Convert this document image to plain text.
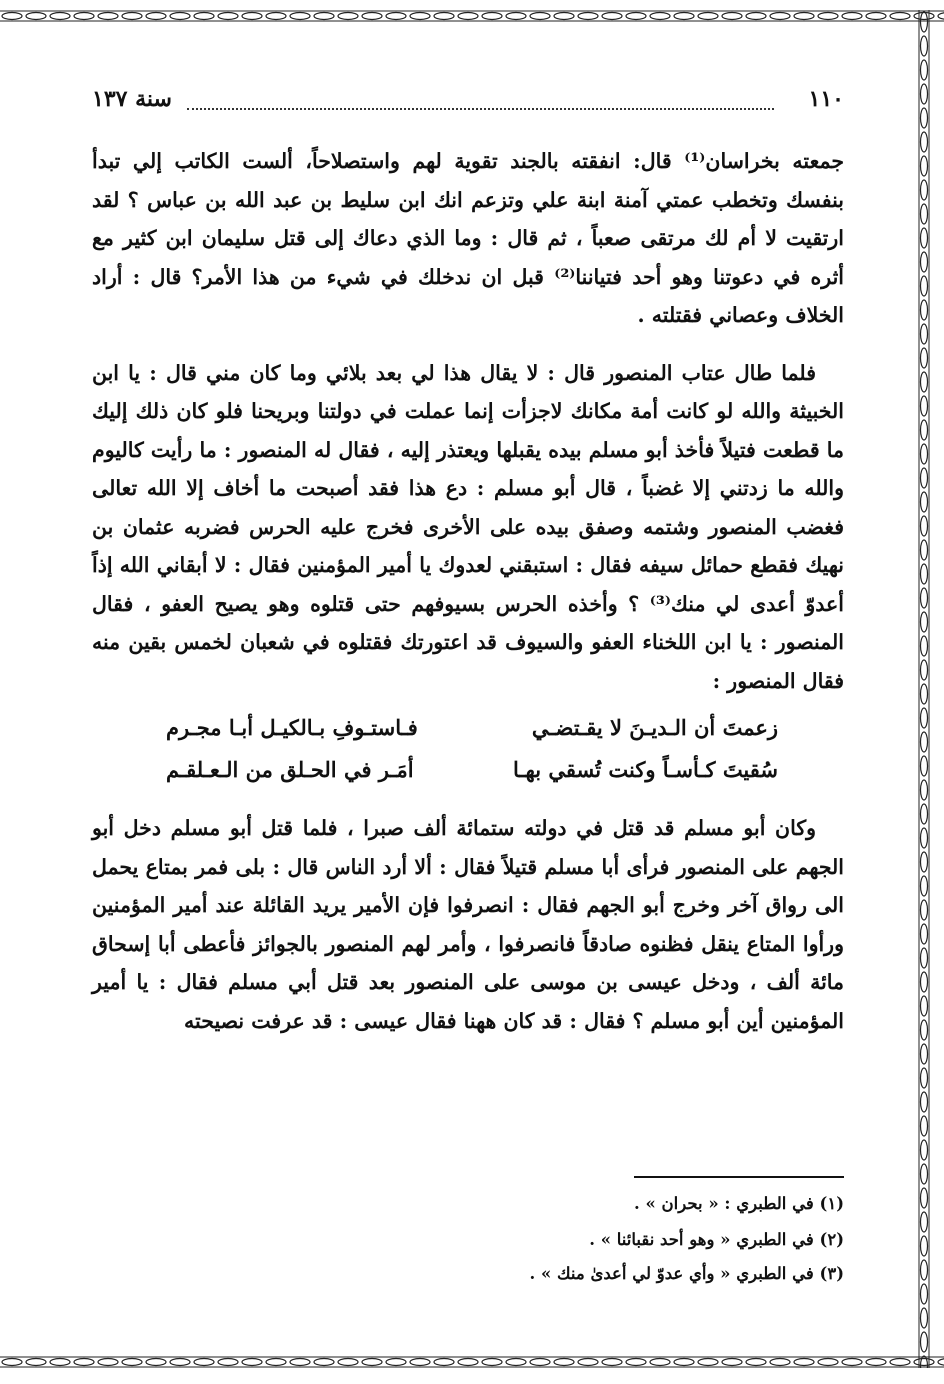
١١٠
سنة ١٣٧

جمعته بخراسان⁽¹⁾ قال: انفقته بالجند تقوية لهم واستصلاحاً، ألست الكاتب إلي تبدأ بنفسك وتخطب عمتي آمنة ابنة علي وتزعم انك ابن سليط بن عبد الله بن عباس ؟ لقد ارتقيت لا أم لك مرتقى صعباً ، ثم قال : وما الذي دعاك إلى قتل سليمان ابن كثير مع أثره في دعوتنا وهو أحد فتياننا⁽²⁾ قبل ان ندخلك في شيء من هذا الأمر؟ قال : أراد الخلاف وعصاني فقتلته .

فلما طال عتاب المنصور قال : لا يقال هذا لي بعد بلائي وما كان مني قال : يا ابن الخبيثة والله لو كانت أمة مكانك لاجزأت إنما عملت في دولتنا وبريحنا فلو كان ذلك إليك ما قطعت فتيلاً فأخذ أبو مسلم بيده يقبلها ويعتذر إليه ، فقال له المنصور : ما رأيت كاليوم والله ما زدتني إلا غضباً ، قال أبو مسلم : دع هذا فقد أصبحت ما أخاف إلا الله تعالى فغضب المنصور وشتمه وصفق بيده على الأخرى فخرج عليه الحرس فضربه عثمان بن نهيك فقطع حمائل سيفه فقال : استبقني لعدوك يا أمير المؤمنين فقال : لا أبقاني الله إذاً أعدوّ أعدى لي منك⁽³⁾ ؟ وأخذه الحرس بسيوفهم حتى قتلوه وهو يصيح العفو ، فقال المنصور : يا ابن اللخناء العفو والسيوف قد اعتورتك فقتلوه في شعبان لخمس بقين منه فقال المنصور :

زعمتَ أن الـديـنَ لا يقـتضـي
فـاستـوفِ بـالكيـل أبـا مجـرم
سُقيتَ كـأسـاً وكنت تُسقي بهـا
أمَـر في الحـلق من الـعـلقـم

وكان أبو مسلم قد قتل في دولته ستمائة ألف صبرا ، فلما قتل أبو مسلم دخل أبو الجهم على المنصور فرأى أبا مسلم قتيلاً فقال : ألا أرد الناس قال : بلى فمر بمتاع يحمل الى رواق آخر وخرج أبو الجهم فقال : انصرفوا فإن الأمير يريد القائلة عند أمير المؤمنين ورأوا المتاع ينقل فظنوه صادقاً فانصرفوا ، وأمر لهم المنصور بالجوائز فأعطى أبا إسحاق مائة ألف ، ودخل عيسى بن موسى على المنصور بعد قتل أبي مسلم فقال : يا أمير المؤمنين أين أبو مسلم ؟ فقال : قد كان ههنا فقال عيسى : قد عرفت نصيحته

(١) في الطبري : « بحران » .
(٢) في الطبري « وهو أحد نقبائنا » .
(٣) في الطبري « وأي عدوّ لي أعدىٰ منك » .
